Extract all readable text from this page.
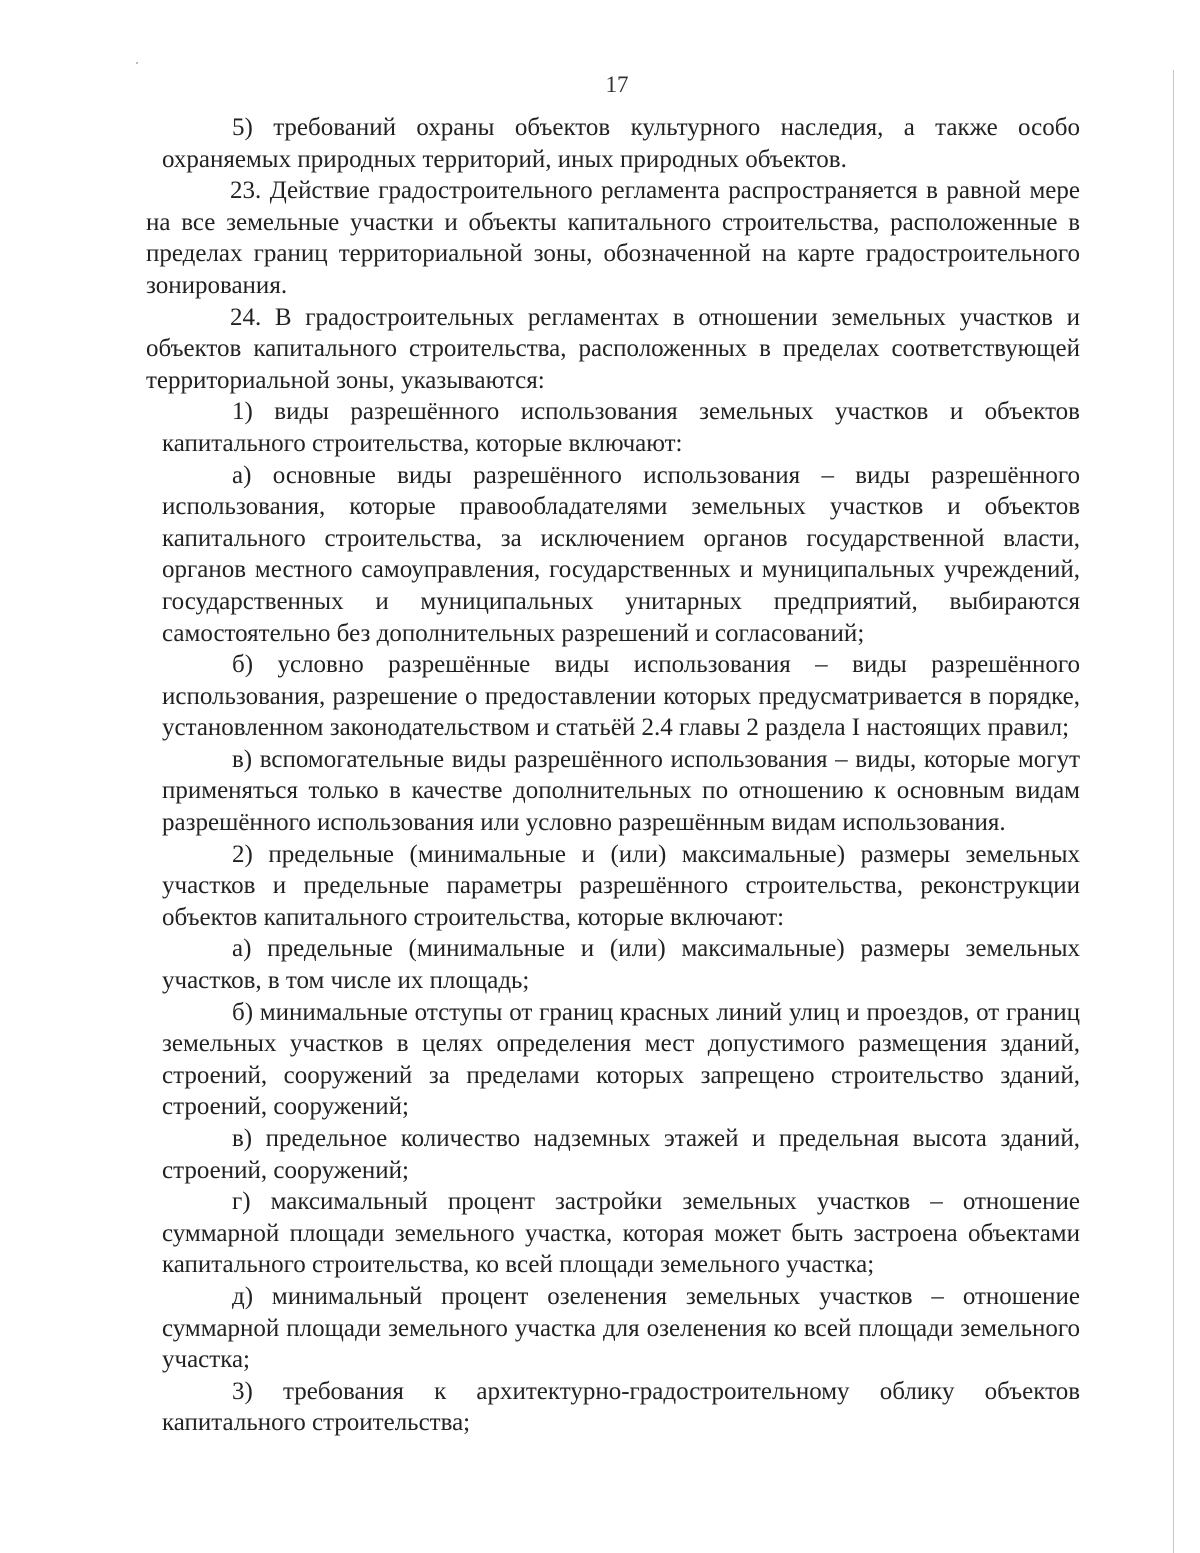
17

5) требований охраны объектов культурного наследия, а также особо охраняемых природных территорий, иных природных объектов.

23. Действие градостроительного регламента распространяется в равной мере на все земельные участки и объекты капитального строительства, расположенные в пределах границ территориальной зоны, обозначенной на карте градостроительного зонирования.

24. В градостроительных регламентах в отношении земельных участков и объектов капитального строительства, расположенных в пределах соответствующей территориальной зоны, указываются:

1) виды разрешённого использования земельных участков и объектов капитального строительства, которые включают:

а) основные виды разрешённого использования – виды разрешённого использования, которые правообладателями земельных участков и объектов капитального строительства, за исключением органов государственной власти, органов местного самоуправления, государственных и муниципальных учреждений, государственных и муниципальных унитарных предприятий, выбираются самостоятельно без дополнительных разрешений и согласований;

б) условно разрешённые виды использования – виды разрешённого использования, разрешение о предоставлении которых предусматривается в порядке, установленном законодательством и статьёй 2.4 главы 2 раздела I настоящих правил;

в) вспомогательные виды разрешённого использования – виды, которые могут применяться только в качестве дополнительных по отношению к основным видам разрешённого использования или условно разрешённым видам использования.

2) предельные (минимальные и (или) максимальные) размеры земельных участков и предельные параметры разрешённого строительства, реконструкции объектов капитального строительства, которые включают:

а) предельные (минимальные и (или) максимальные) размеры земельных участков, в том числе их площадь;

б) минимальные отступы от границ красных линий улиц и проездов, от границ земельных участков в целях определения мест допустимого размещения зданий, строений, сооружений за пределами которых запрещено строительство зданий, строений, сооружений;

в) предельное количество надземных этажей и предельная высота зданий, строений, сооружений;

г) максимальный процент застройки земельных участков – отношение суммарной площади земельного участка, которая может быть застроена объектами капитального строительства, ко всей площади земельного участка;

д) минимальный процент озеленения земельных участков – отношение суммарной площади земельного участка для озеленения ко всей площади земельного участка;

3) требования к архитектурно-градостроительному облику объектов капитального строительства;
